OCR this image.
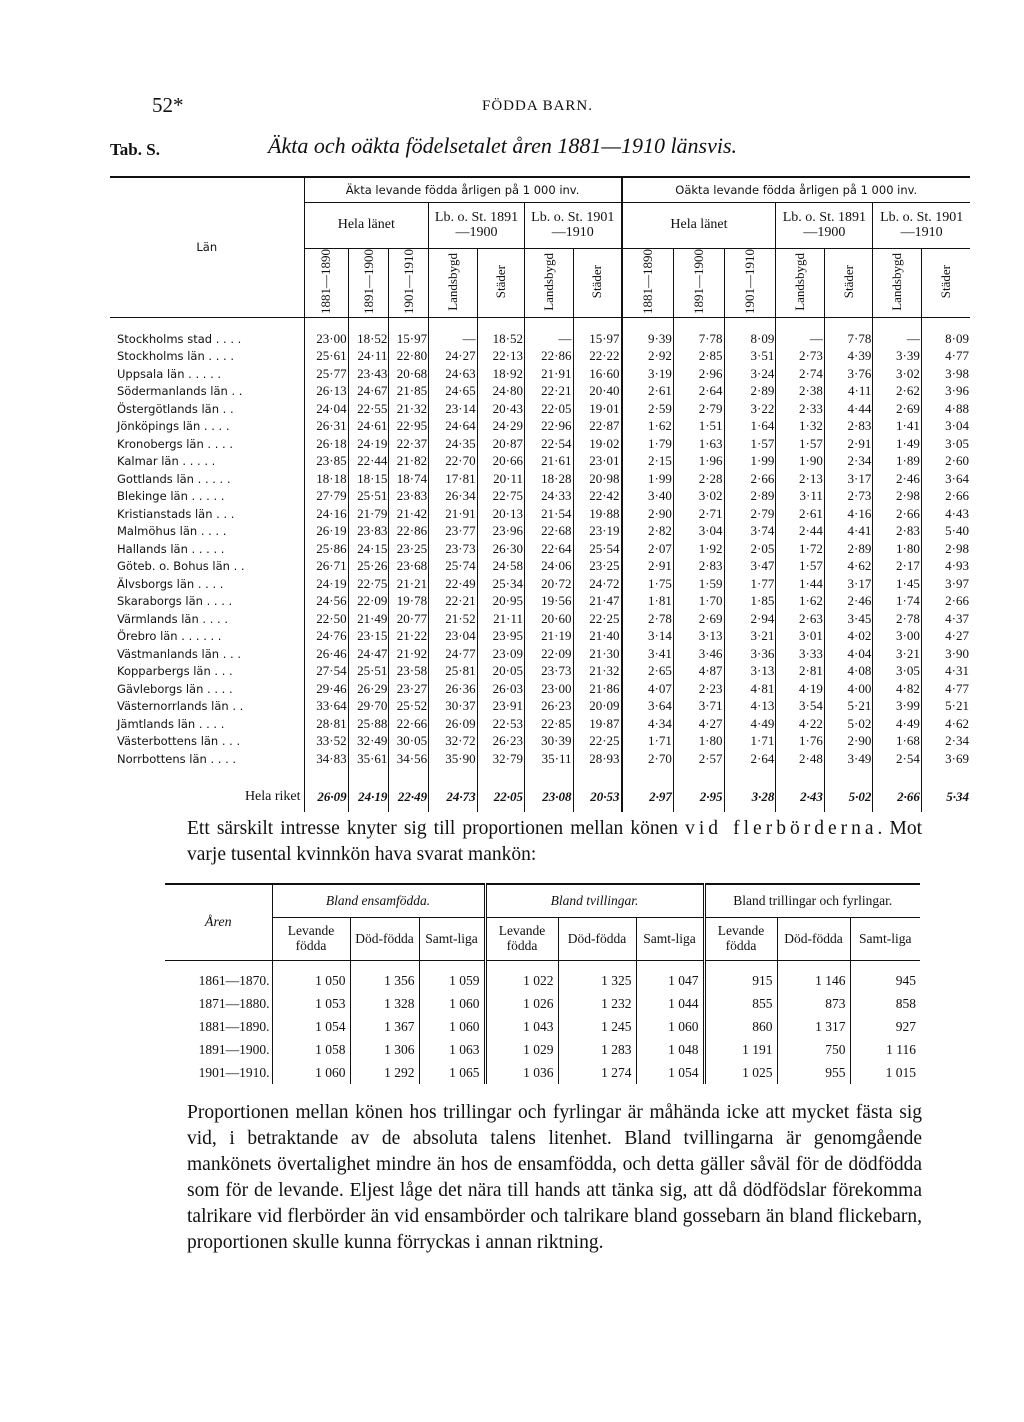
52*	FÖDDA BARN.
Tab. S.	Äkta och oäkta födelsetalet åren 1881—1910 länsvis.
Län	Äkta levande födda årligen på 1 000 inv.							Oäkta levande födda årligen på 1 000 inv.						
	Hela länet			Lb. o. St. 1891—1900		Lb. o. St. 1901—1910		Hela länet			Lb. o. St. 1891—1900		Lb. o. St. 1901—1910	
	1881—1890	1891—1900	1901—1910	Landsbygd	Städer	Landsbygd	Städer	1881—1890	1891—1900	1901—1910	Landsbygd	Städer	Landsbygd	Städer
Stockholms stad . . . .	23·00	18·52	15·97	—	18·52	—	15·97	9·39	7·78	8·09	—	7·78	—	8·09
Stockholms län . . . .	25·61	24·11	22·80	24·27	22·13	22·86	22·22	2·92	2·85	3·51	2·73	4·39	3·39	4·77
Uppsala län . . . . .	25·77	23·43	20·68	24·63	18·92	21·91	16·60	3·19	2·96	3·24	2·74	3·76	3·02	3·98
Södermanlands län . .	26·13	24·67	21·85	24·65	24·80	22·21	20·40	2·61	2·64	2·89	2·38	4·11	2·62	3·96
Östergötlands län . .	24·04	22·55	21·32	23·14	20·43	22·05	19·01	2·59	2·79	3·22	2·33	4·44	2·69	4·88
Jönköpings län . . . .	26·31	24·61	22·95	24·64	24·29	22·96	22·87	1·62	1·51	1·64	1·32	2·83	1·41	3·04
Kronobergs län . . . .	26·18	24·19	22·37	24·35	20·87	22·54	19·02	1·79	1·63	1·57	1·57	2·91	1·49	3·05
Kalmar län . . . . .	23·85	22·44	21·82	22·70	20·66	21·61	23·01	2·15	1·96	1·99	1·90	2·34	1·89	2·60
Gottlands län . . . . .	18·18	18·15	18·74	17·81	20·11	18·28	20·98	1·99	2·28	2·66	2·13	3·17	2·46	3·64
Blekinge län . . . . .	27·79	25·51	23·83	26·34	22·75	24·33	22·42	3·40	3·02	2·89	3·11	2·73	2·98	2·66
Kristianstads län . . .	24·16	21·79	21·42	21·91	20·13	21·54	19·88	2·90	2·71	2·79	2·61	4·16	2·66	4·43
Malmöhus län . . . .	26·19	23·83	22·86	23·77	23·96	22·68	23·19	2·82	3·04	3·74	2·44	4·41	2·83	5·40
Hallands län . . . . .	25·86	24·15	23·25	23·73	26·30	22·64	25·54	2·07	1·92	2·05	1·72	2·89	1·80	2·98
Göteb. o. Bohus län . .	26·71	25·26	23·68	25·74	24·58	24·06	23·25	2·91	2·83	3·47	1·57	4·62	2·17	4·93
Älvsborgs län . . . .	24·19	22·75	21·21	22·49	25·34	20·72	24·72	1·75	1·59	1·77	1·44	3·17	1·45	3·97
Skaraborgs län . . . .	24·56	22·09	19·78	22·21	20·95	19·56	21·47	1·81	1·70	1·85	1·62	2·46	1·74	2·66
Värmlands län . . . .	22·50	21·49	20·77	21·52	21·11	20·60	22·25	2·78	2·69	2·94	2·63	3·45	2·78	4·37
Örebro län . . . . . .	24·76	23·15	21·22	23·04	23·95	21·19	21·40	3·14	3·13	3·21	3·01	4·02	3·00	4·27
Västmanlands län . . .	26·46	24·47	21·92	24·77	23·09	22·09	21·30	3·41	3·46	3·36	3·33	4·04	3·21	3·90
Kopparbergs län . . .	27·54	25·51	23·58	25·81	20·05	23·73	21·32	2·65	4·87	3·13	2·81	4·08	3·05	4·31
Gävleborgs län . . . .	29·46	26·29	23·27	26·36	26·03	23·00	21·86	4·07	2·23	4·81	4·19	4·00	4·82	4·77
Västernorrlands län . .	33·64	29·70	25·52	30·37	23·91	26·23	20·09	3·64	3·71	4·13	3·54	5·21	3·99	5·21
Jämtlands län . . . .	28·81	25·88	22·66	26·09	22·53	22·85	19·87	4·34	4·27	4·49	4·22	5·02	4·49	4·62
Västerbottens län . . .	33·52	32·49	30·05	32·72	26·23	30·39	22·25	1·71	1·80	1·71	1·76	2·90	1·68	2·34
Norrbottens län . . . .	34·83	35·61	34·56	35·90	32·79	35·11	28·93	2·70	2·57	2·64	2·48	3·49	2·54	3·69
Hela riket	26·09	24·19	22·49	24·73	22·05	23·08	20·53	2·97	2·95	3·28	2·43	5·02	2·66	5·34
Ett särskilt intresse knyter sig till proportionen mellan könen vid flerbörderna. Mot varje tusental kvinnkön hava svarat mankön:
Åren	Bland ensamfödda.			Bland tvillingar.			Bland trillingar och fyrlingar.		
	Levande födda	Död-födda	Samt-liga	Levande födda	Död-födda	Samt-liga	Levande födda	Död-födda	Samt-liga
1861—1870.	1 050	1 356	1 059	1 022	1 325	1 047	915	1 146	945
1871—1880.	1 053	1 328	1 060	1 026	1 232	1 044	855	873	858
1881—1890.	1 054	1 367	1 060	1 043	1 245	1 060	860	1 317	927
1891—1900.	1 058	1 306	1 063	1 029	1 283	1 048	1 191	750	1 116
1901—1910.	1 060	1 292	1 065	1 036	1 274	1 054	1 025	955	1 015
Proportionen mellan könen hos trillingar och fyrlingar är måhända icke att mycket fästa sig vid, i betraktande av de absoluta talens litenhet. Bland tvillingarna är genomgående mankönets övertalighet mindre än hos de ensamfödda, och detta gäller såväl för de dödfödda som för de levande. Eljest låge det nära till hands att tänka sig, att då dödfödslar förekomma talrikare vid flerbörder än vid ensambörder och talrikare bland gossebarn än bland flickebarn, proportionen skulle kunna förryckas i annan riktning.
